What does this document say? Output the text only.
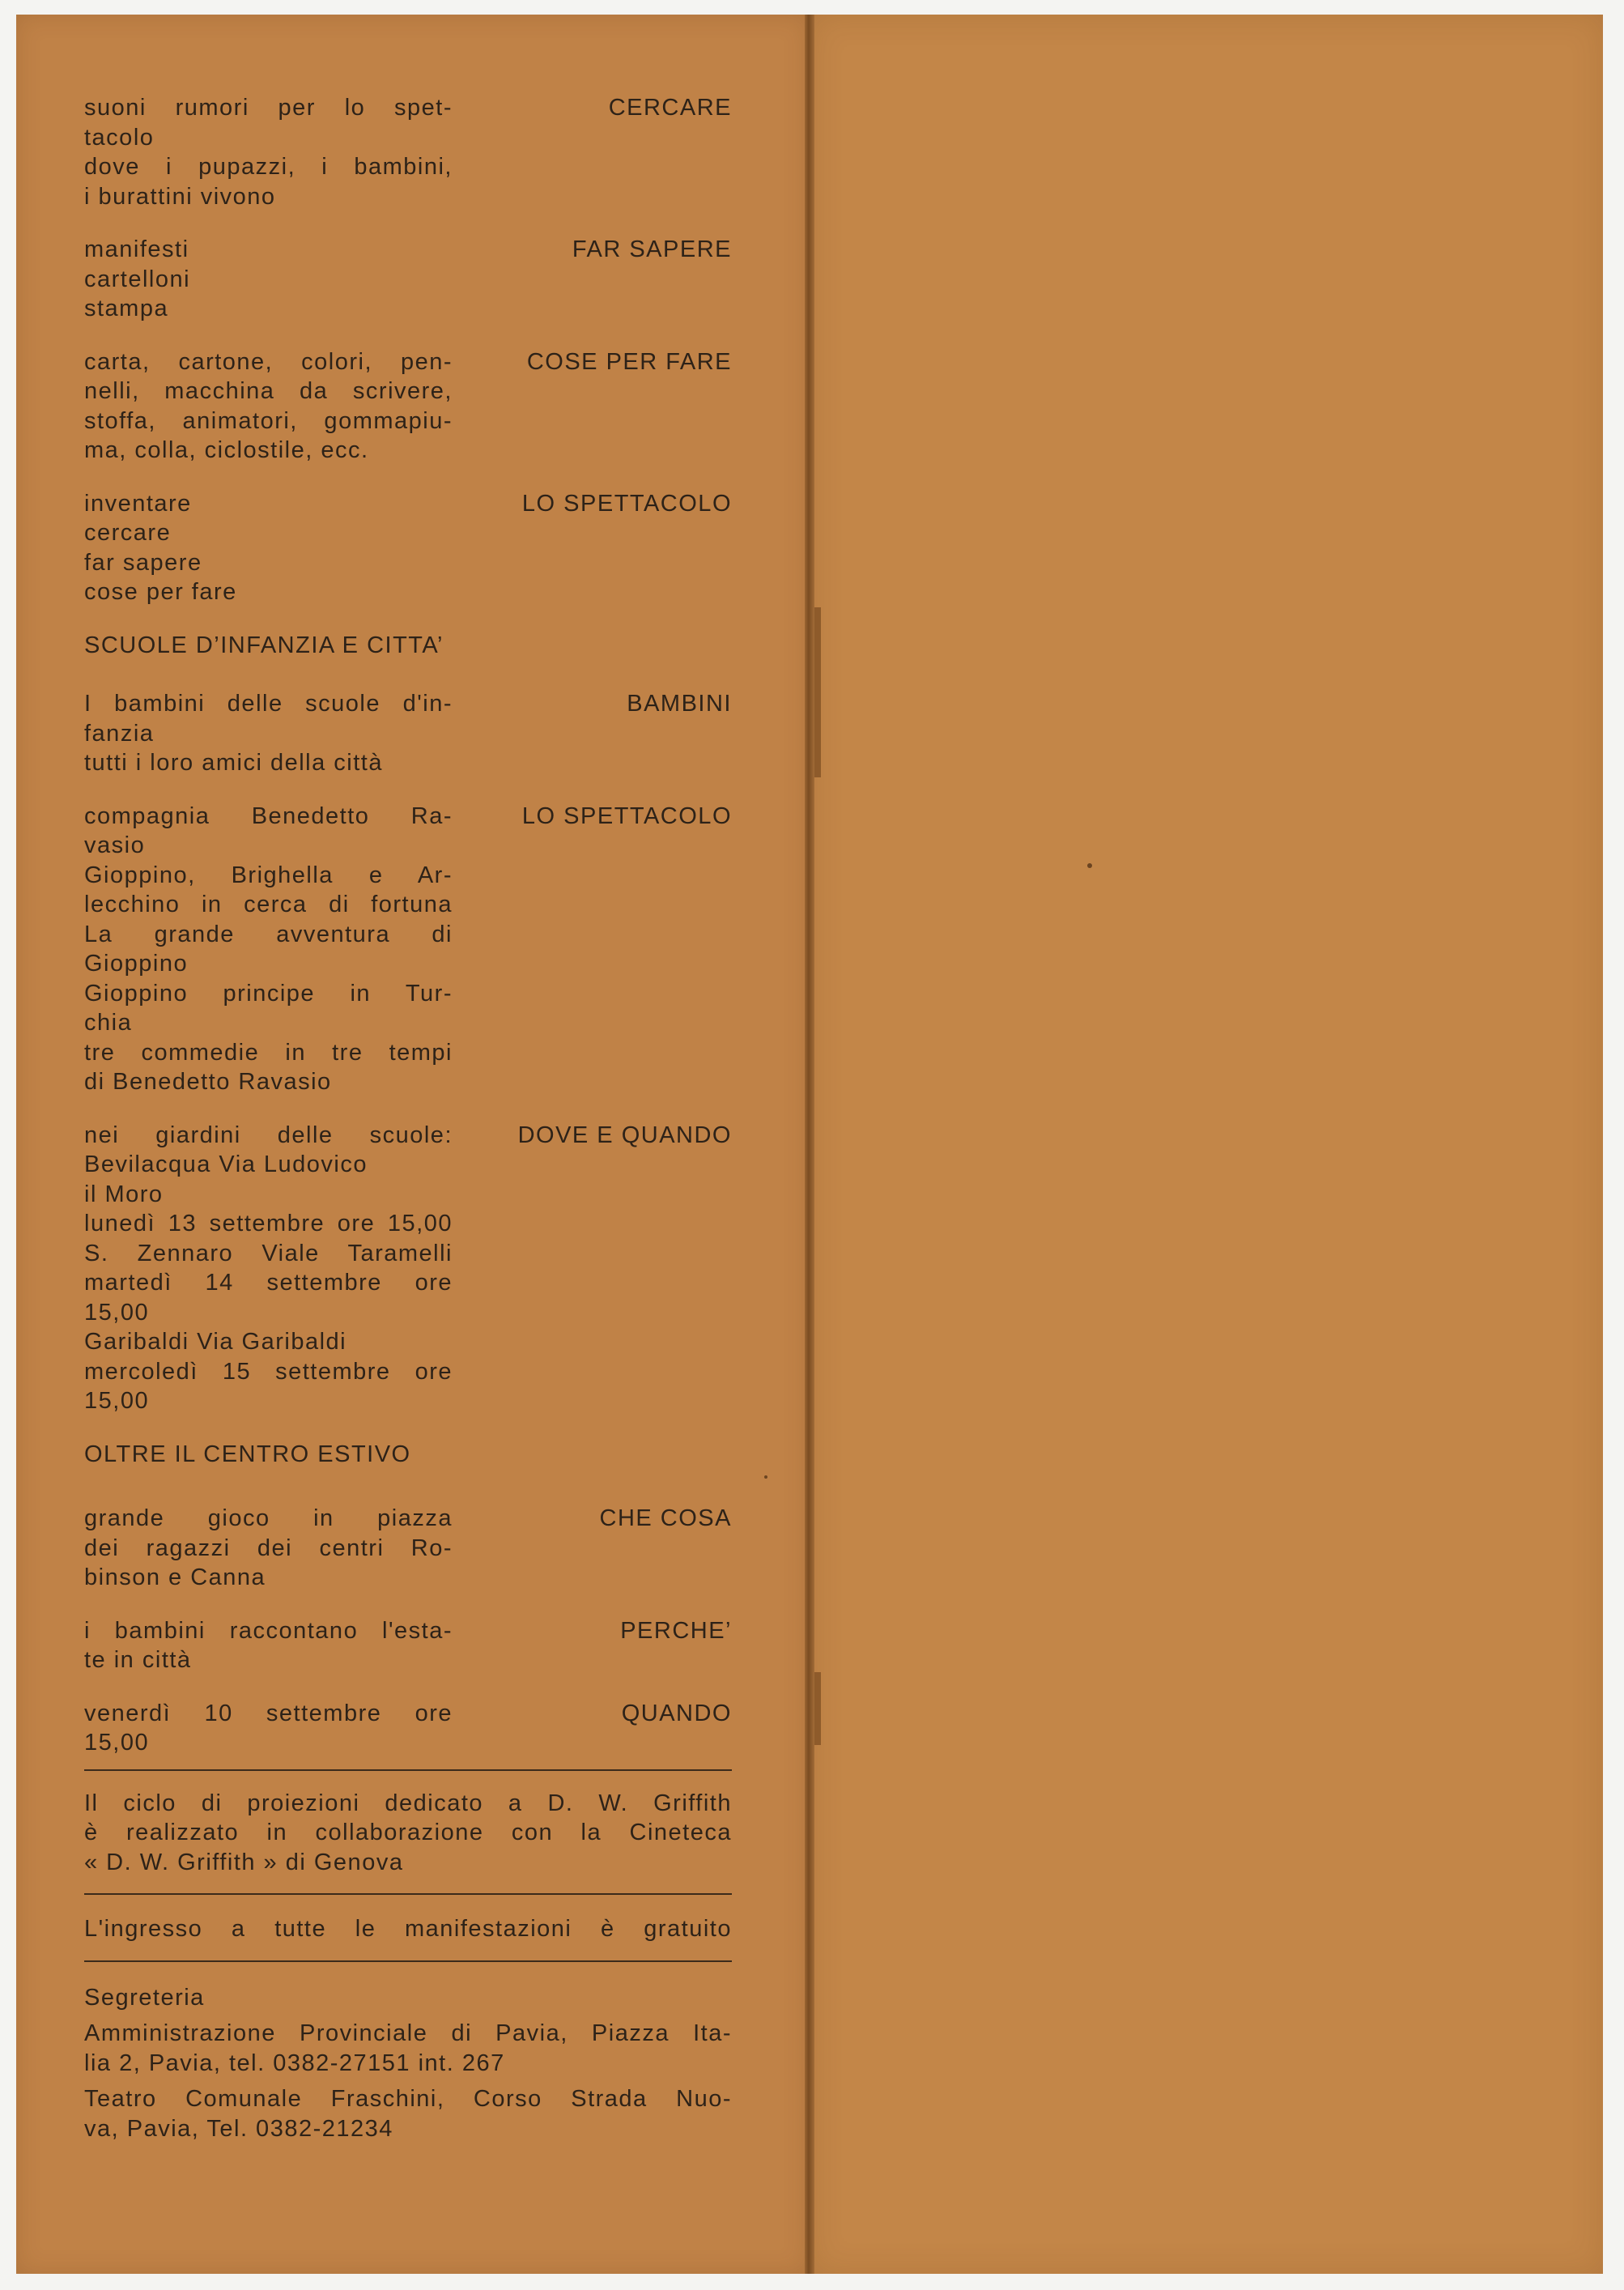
suoni rumori per lo spet-
tacolo
dove i pupazzi, i bambini,
i burattini vivono
CERCARE
manifesti
cartelloni
stampa
FAR SAPERE
carta, cartone, colori, pen-
nelli, macchina da scrivere,
stoffa, animatori, gommapiu-
ma, colla, ciclostile, ecc.
COSE PER FARE
inventare
cercare
far sapere
cose per fare
LO SPETTACOLO
SCUOLE D’INFANZIA E CITTA’
I bambini delle scuole d'in-
fanzia
tutti i loro amici della città
BAMBINI
compagnia Benedetto Ra-
vasio
Gioppino, Brighella e Ar-
lecchino in cerca di fortuna
La grande avventura di
Gioppino
Gioppino principe in Tur-
chia
tre commedie in tre tempi
di Benedetto Ravasio
LO SPETTACOLO
nei giardini delle scuole:
Bevilacqua Via Ludovico
il Moro
lunedì 13 settembre ore 15,00
S. Zennaro Viale Taramelli
martedì 14 settembre ore
15,00
Garibaldi Via Garibaldi
mercoledì 15 settembre ore
15,00
DOVE E QUANDO
OLTRE IL CENTRO ESTIVO
grande gioco in piazza
dei ragazzi dei centri Ro-
binson e Canna
CHE COSA
i bambini raccontano l'esta-
te in città
PERCHE’
venerdì 10 settembre ore
15,00
QUANDO
Il ciclo di proiezioni dedicato a D. W. Griffith
è realizzato in collaborazione con la Cineteca
« D. W. Griffith » di Genova
L'ingresso a tutte le manifestazioni è gratuito
Segreteria
Amministrazione Provinciale di Pavia, Piazza Ita-
lia 2, Pavia, tel. 0382-27151 int. 267
Teatro Comunale Fraschini, Corso Strada Nuo-
va, Pavia, Tel. 0382-21234
